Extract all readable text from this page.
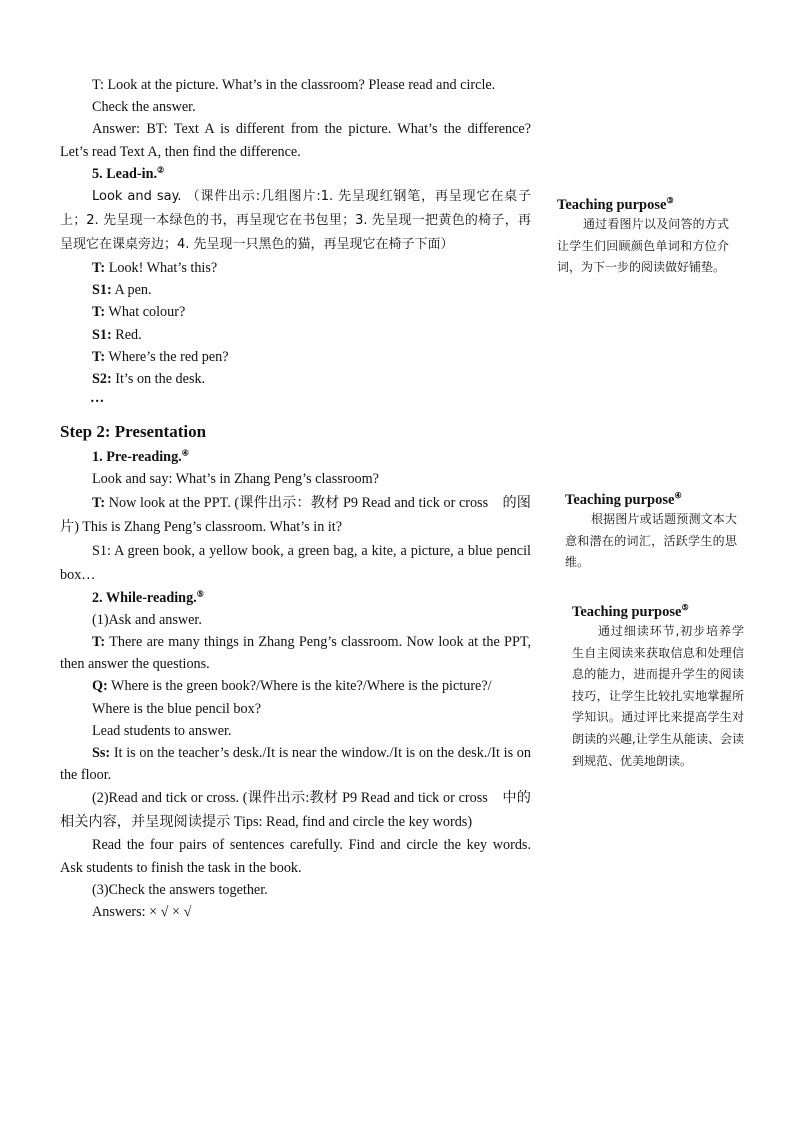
T: Look at the picture. What’s in the classroom? Please read and circle.

Check the answer.

Answer: BT: Text A is different from the picture. What’s the difference? Let’s read Text A, then find the difference.

5. Lead-in.②

Look and say. （课件出示:几组图片:1. 先呈现红钢笔，再呈现它在桌子上；2. 先呈现一本绿色的书，再呈现它在书包里；3. 先呈现一把黄色的椅子，再呈现它在课桌旁边；4. 先呈现一只黑色的猫，再呈现它在椅子下面）

T: Look! What’s this?

S1: A pen.

T: What colour?

S1: Red.

T: Where’s the red pen?

S2: It’s on the desk.

…

Step 2: Presentation

1. Pre-reading.④

Look and say: What’s in Zhang Peng’s classroom?

T: Now look at the PPT. (课件出示：教材 P9 Read and tick or cross　的图片) This is Zhang Peng’s classroom. What’s in it?

S1: A green book, a yellow book, a green bag, a kite, a picture, a blue pencil box…

2. While-reading.⑤

(1)Ask and answer.

T: There are many things in Zhang Peng’s classroom. Now look at the PPT, then answer the questions.

Q: Where is the green book?/Where is the kite?/Where is the picture?/

Where is the blue pencil box?

Lead students to answer.

Ss: It is on the teacher’s desk./It is near the window./It is on the desk./It is on the floor.

(2)Read and tick or cross. (课件出示:教材 P9 Read and tick or cross　中的相关内容，并呈现阅读提示 Tips: Read, find and circle the key words)

Read the four pairs of sentences carefully. Find and circle the key words. Ask students to finish the task in the book.

(3)Check the answers together.

Answers: × √ × √

Teaching purpose③

通过看图片以及问答的方式让学生们回顾颜色单词和方位介词，为下一步的阅读做好铺垫。

Teaching purpose④

根据图片或话题预测文本大意和潜在的词汇，活跃学生的思维。

Teaching purpose⑤

通过细读环节,初步培养学生自主阅读来获取信息和处理信息的能力，进而提升学生的阅读技巧，让学生比较扎实地掌握所学知识。通过评比来提高学生对朗读的兴趣,让学生从能读、会读到规范、优美地朗读。
